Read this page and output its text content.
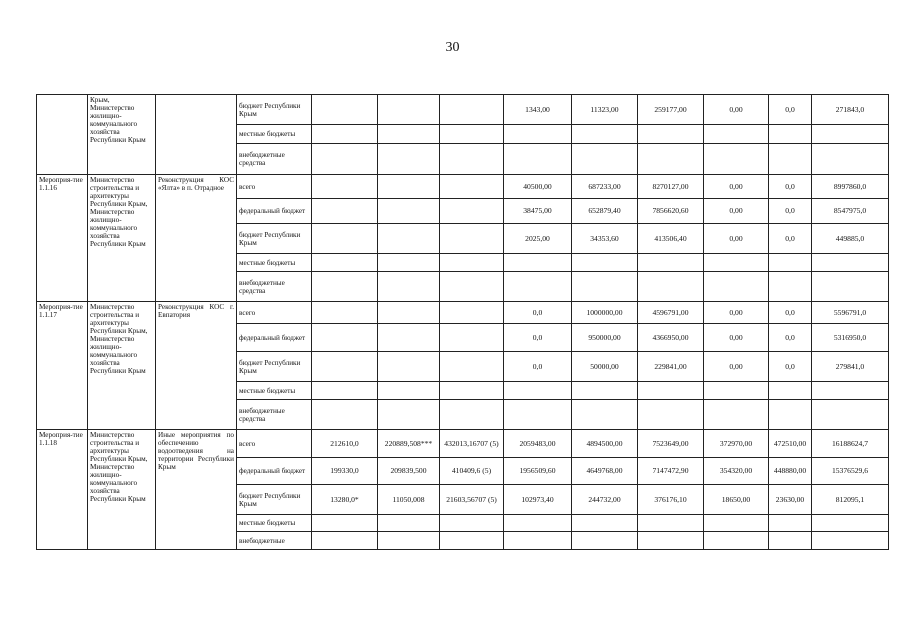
30
	Крым, Министерство жилищно-коммунального хозяйства Республики Крым		бюджет Республики Крым				1343,00	11323,00	259177,00	0,00	0,0	271843,0
			местные бюджеты									
			внебюджетные средства									
Мероприя-тие 1.1.16	Министерство строительства и архитектуры Республики Крым, Министерство жилищно-коммунального хозяйства Республики Крым	Реконструкция КОС «Ялта» в п. Отрадное	всего				40500,00	687233,00	8270127,00	0,00	0,0	8997860,0
			федеральный бюджет				38475,00	652879,40	7856620,60	0,00	0,0	8547975,0
			бюджет Республики Крым				2025,00	34353,60	413506,40	0,00	0,0	449885,0
			местные бюджеты									
			внебюджетные средства									
Мероприя-тие 1.1.17	Министерство строительства и архитектуры Республики Крым, Министерство жилищно-коммунального хозяйства Республики Крым	Реконструкция КОС г. Евпатория	всего				0,0	1000000,00	4596791,00	0,00	0,0	5596791,0
			федеральный бюджет				0,0	950000,00	4366950,00	0,00	0,0	5316950,0
			бюджет Республики Крым				0,0	50000,00	229841,00	0,00	0,0	279841,0
			местные бюджеты									
			внебюджетные средства									
Мероприя-тие 1.1.18	Министерство строительства и архитектуры Республики Крым, Министерство жилищно-коммунального хозяйства Республики Крым	Иные мероприятия по обеспечению водоотведения на территории Республики Крым	всего	212610,0	220889,508***	432013,16707 (5)	2059483,00	4894500,00	7523649,00	372970,00	472510,00	16188624,7
			федеральный бюджет	199330,0	209839,500	410409,6 (5)	1956509,60	4649768,00	7147472,90	354320,00	448880,00	15376529,6
			бюджет Республики Крым	13280,0*	11050,008	21603,56707 (5)	102973,40	244732,00	376176,10	18650,00	23630,00	812095,1
			местные бюджеты									
			внебюджетные									
